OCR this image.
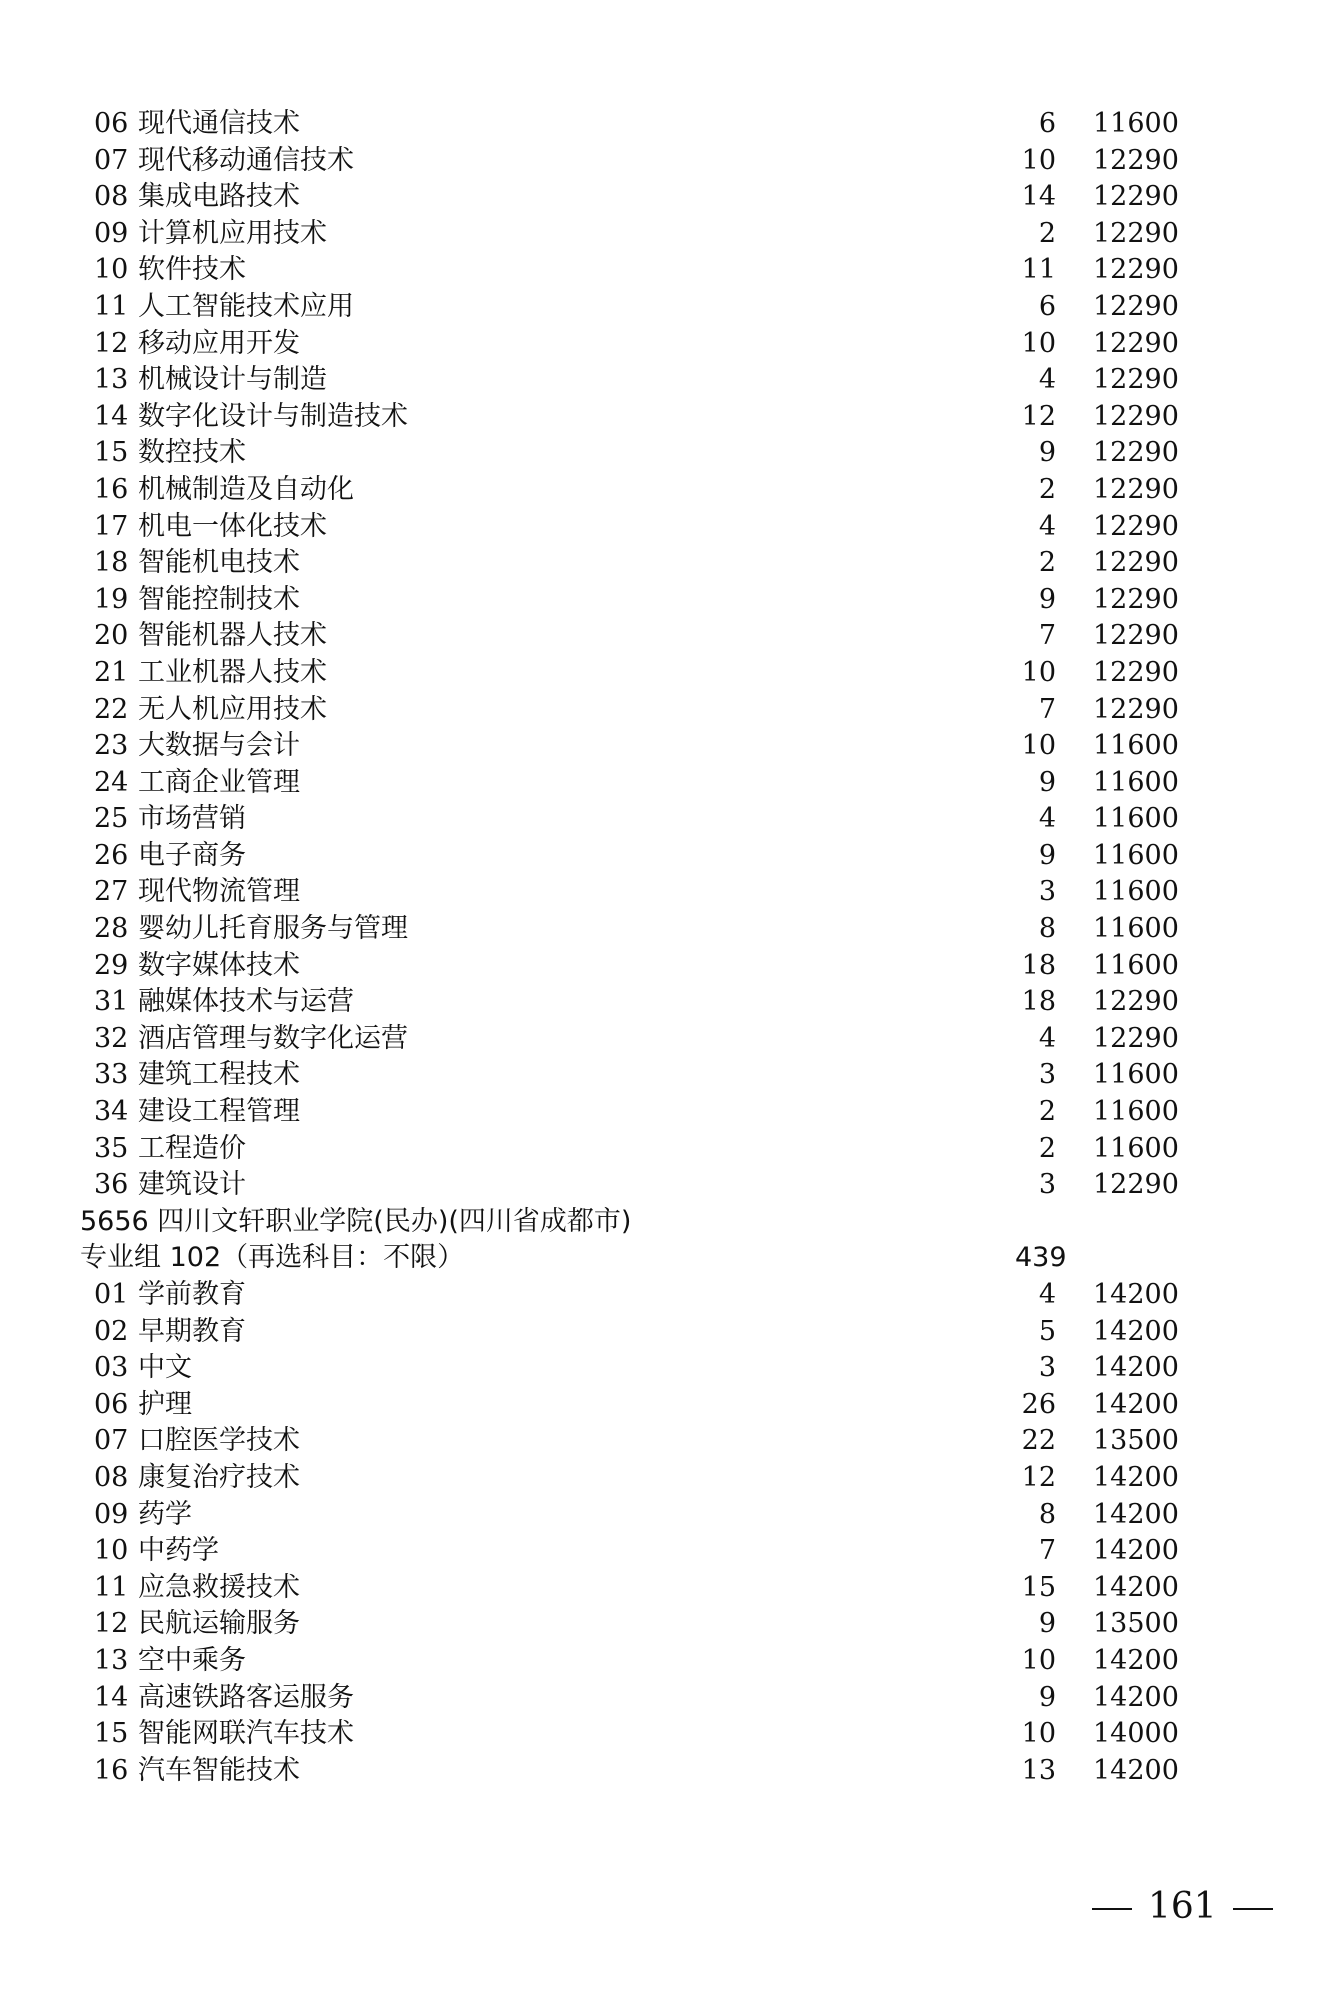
06 现代通信技术	6 11600
07 现代移动通信技术	10 12290
08 集成电路技术	14 12290
09 计算机应用技术	2 12290
10 软件技术	11 12290
11 人工智能技术应用	6 12290
12 移动应用开发	10 12290
13 机械设计与制造	4 12290
14 数字化设计与制造技术	12 12290
15 数控技术	9 12290
16 机械制造及自动化	2 12290
17 机电一体化技术	4 12290
18 智能机电技术	2 12290
19 智能控制技术	9 12290
20 智能机器人技术	7 12290
21 工业机器人技术	10 12290
22 无人机应用技术	7 12290
23 大数据与会计	10 11600
24 工商企业管理	9 11600
25 市场营销	4 11600
26 电子商务	9 11600
27 现代物流管理	3 11600
28 婴幼儿托育服务与管理	8 11600
29 数字媒体技术	18 11600
31 融媒体技术与运营	18 12290
32 酒店管理与数字化运营	4 12290
33 建筑工程技术	3 11600
34 建设工程管理	2 11600
35 工程造价	2 11600
36 建筑设计	3 12290
5656 四川文轩职业学院(民办)(四川省成都市)
专业组 102（再选科目：不限）	439
01 学前教育	4 14200
02 早期教育	5 14200
03 中文	3 14200
06 护理	26 14200
07 口腔医学技术	22 13500
08 康复治疗技术	12 14200
09 药学	8 14200
10 中药学	7 14200
11 应急救援技术	15 14200
12 民航运输服务	9 13500
13 空中乘务	10 14200
14 高速铁路客运服务	9 14200
15 智能网联汽车技术	10 14000
16 汽车智能技术	13 14200
161
